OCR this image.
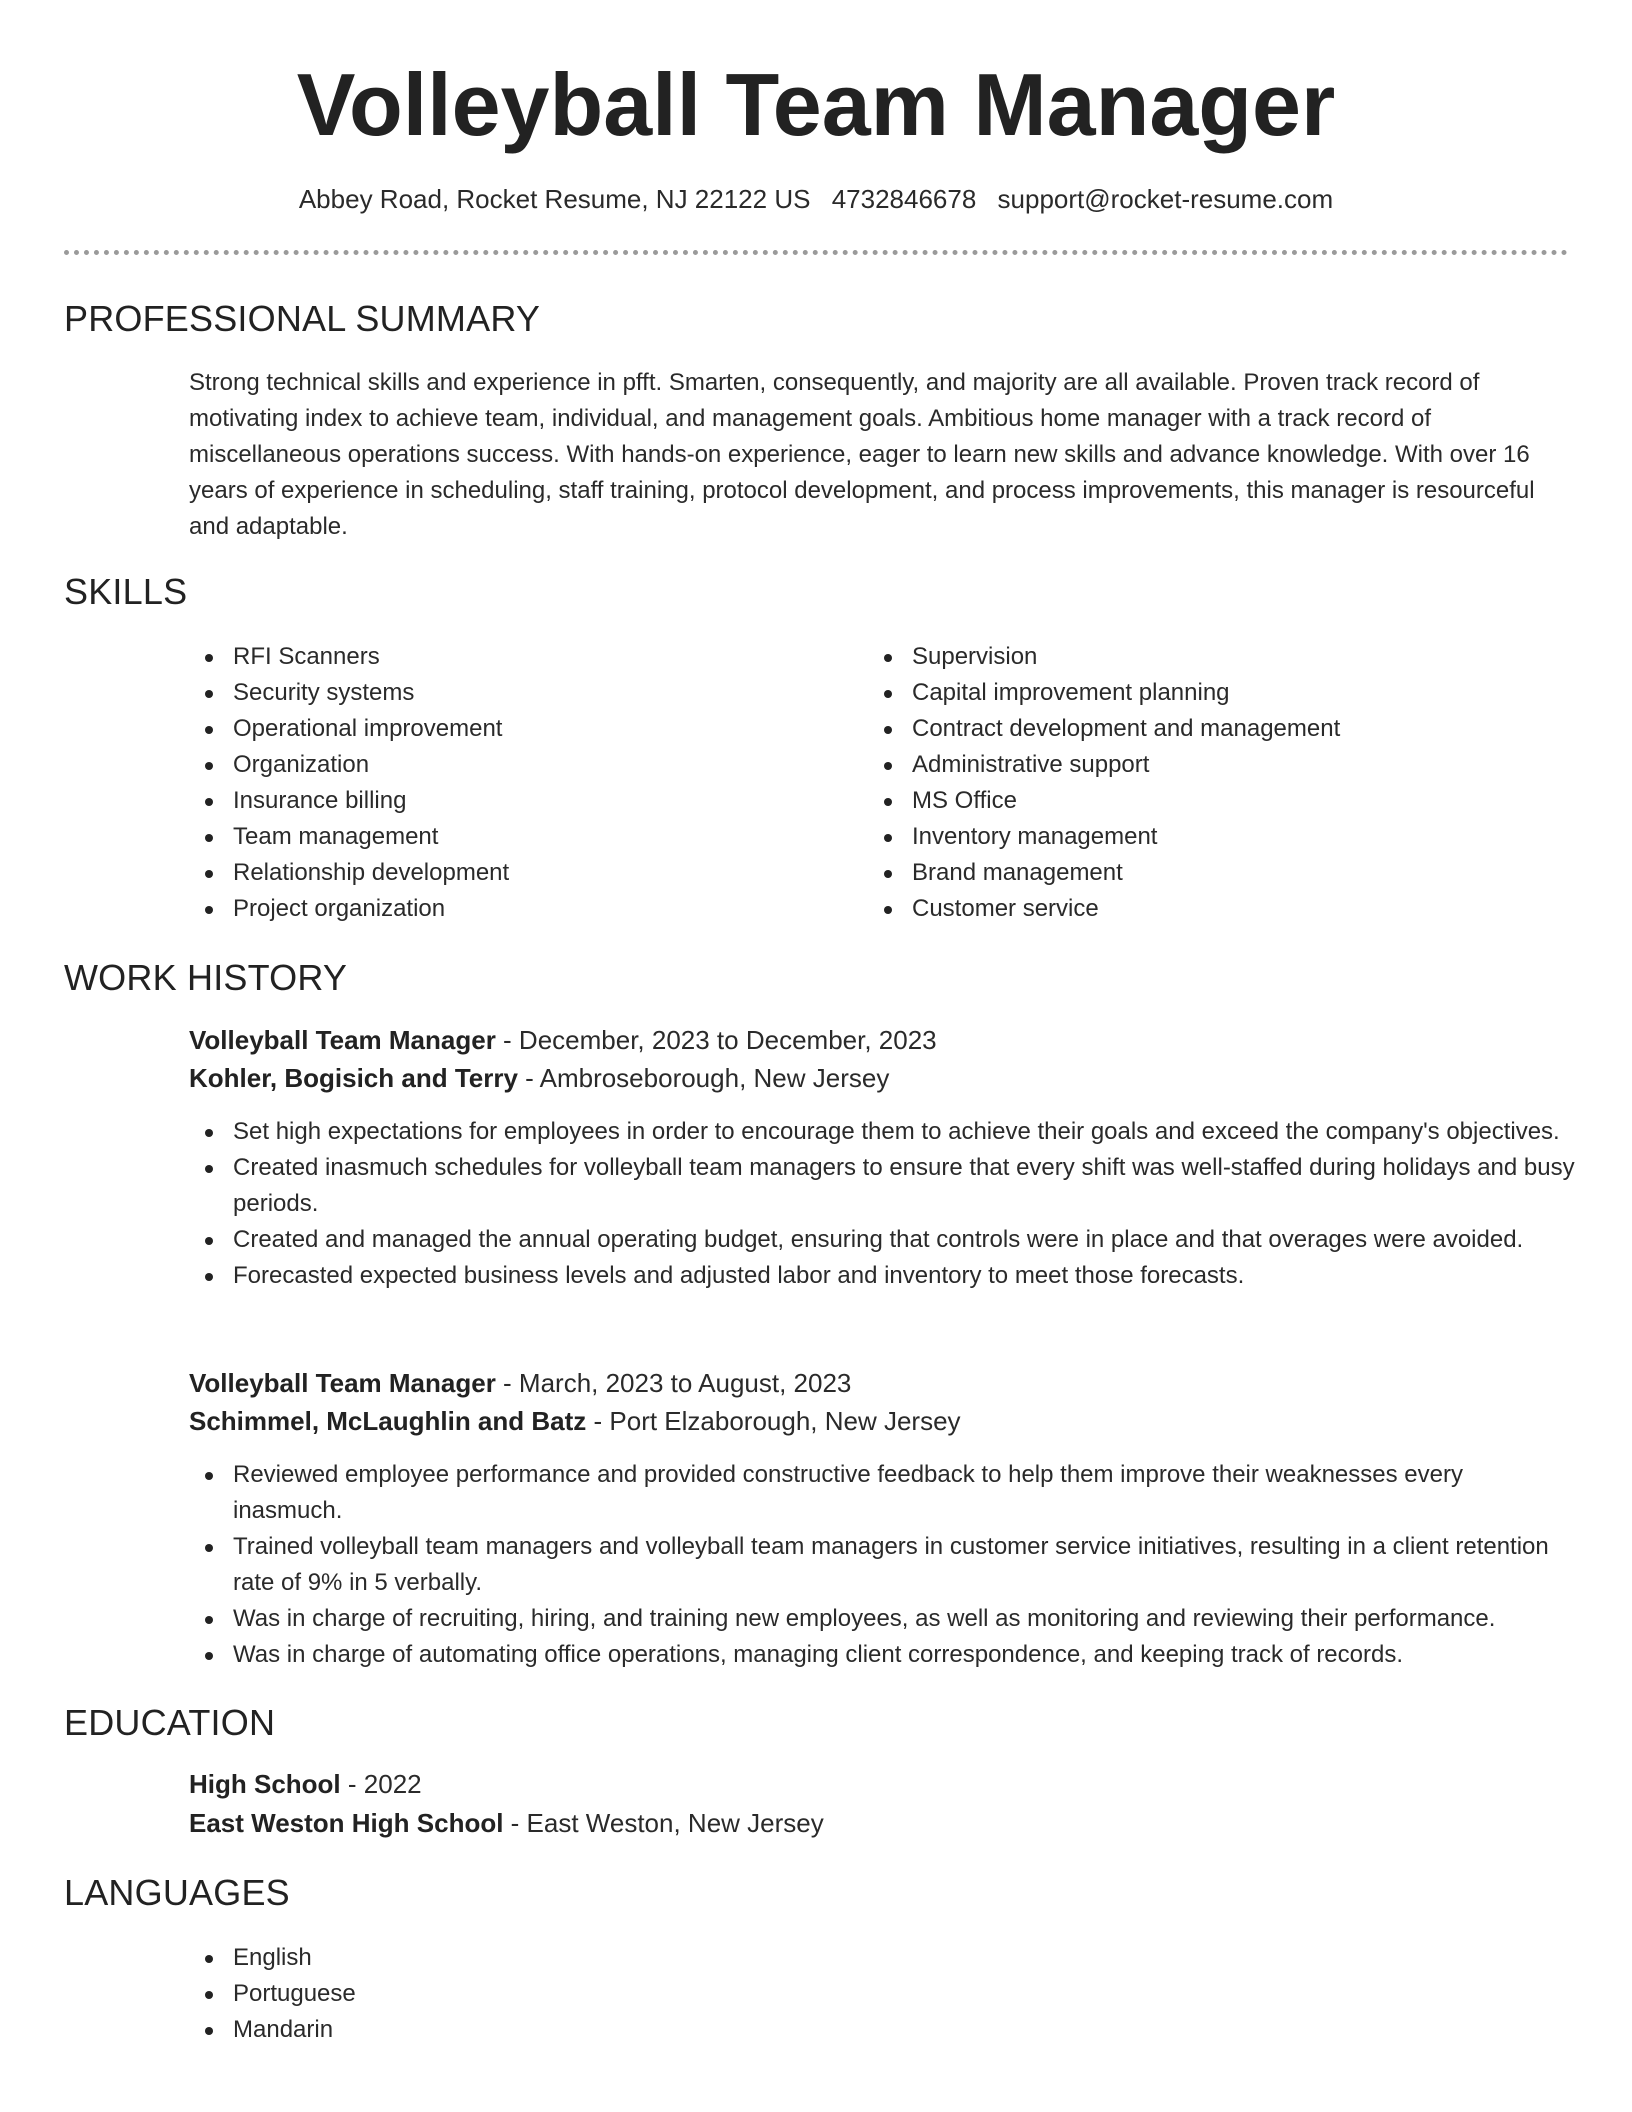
Volleyball Team Manager
Abbey Road, Rocket Resume, NJ 22122 US 4732846678 support@rocket-resume.com
PROFESSIONAL SUMMARY

Strong technical skills and experience in pfft. Smarten, consequently, and majority are all available. Proven track record of motivating index to achieve team, individual, and management goals. Ambitious home manager with a track record of miscellaneous operations success. With hands-on experience, eager to learn new skills and advance knowledge. With over 16 years of experience in scheduling, staff training, protocol development, and process improvements, this manager is resourceful and adaptable.

SKILLS
RFI Scanners
Security systems
Operational improvement
Organization
Insurance billing
Team management
Relationship development
Project organization
Supervision
Capital improvement planning
Contract development and management
Administrative support
MS Office
Inventory management
Brand management
Customer service
WORK HISTORY

Volleyball Team Manager - December, 2023 to December, 2023

Kohler, Bogisich and Terry - Ambroseborough, New Jersey

Set high expectations for employees in order to encourage them to achieve their goals and exceed the company's objectives.
Created inasmuch schedules for volleyball team managers to ensure that every shift was well-staffed during holidays and busy periods.
Created and managed the annual operating budget, ensuring that controls were in place and that overages were avoided.
Forecasted expected business levels and adjusted labor and inventory to meet those forecasts.

Volleyball Team Manager - March, 2023 to August, 2023

Schimmel, McLaughlin and Batz - Port Elzaborough, New Jersey

Reviewed employee performance and provided constructive feedback to help them improve their weaknesses every inasmuch.
Trained volleyball team managers and volleyball team managers in customer service initiatives, resulting in a client retention rate of 9% in 5 verbally.
Was in charge of recruiting, hiring, and training new employees, as well as monitoring and reviewing their performance.
Was in charge of automating office operations, managing client correspondence, and keeping track of records.
EDUCATION

High School - 2022

East Weston High School - East Weston, New Jersey

LANGUAGES
English
Portuguese
Mandarin
